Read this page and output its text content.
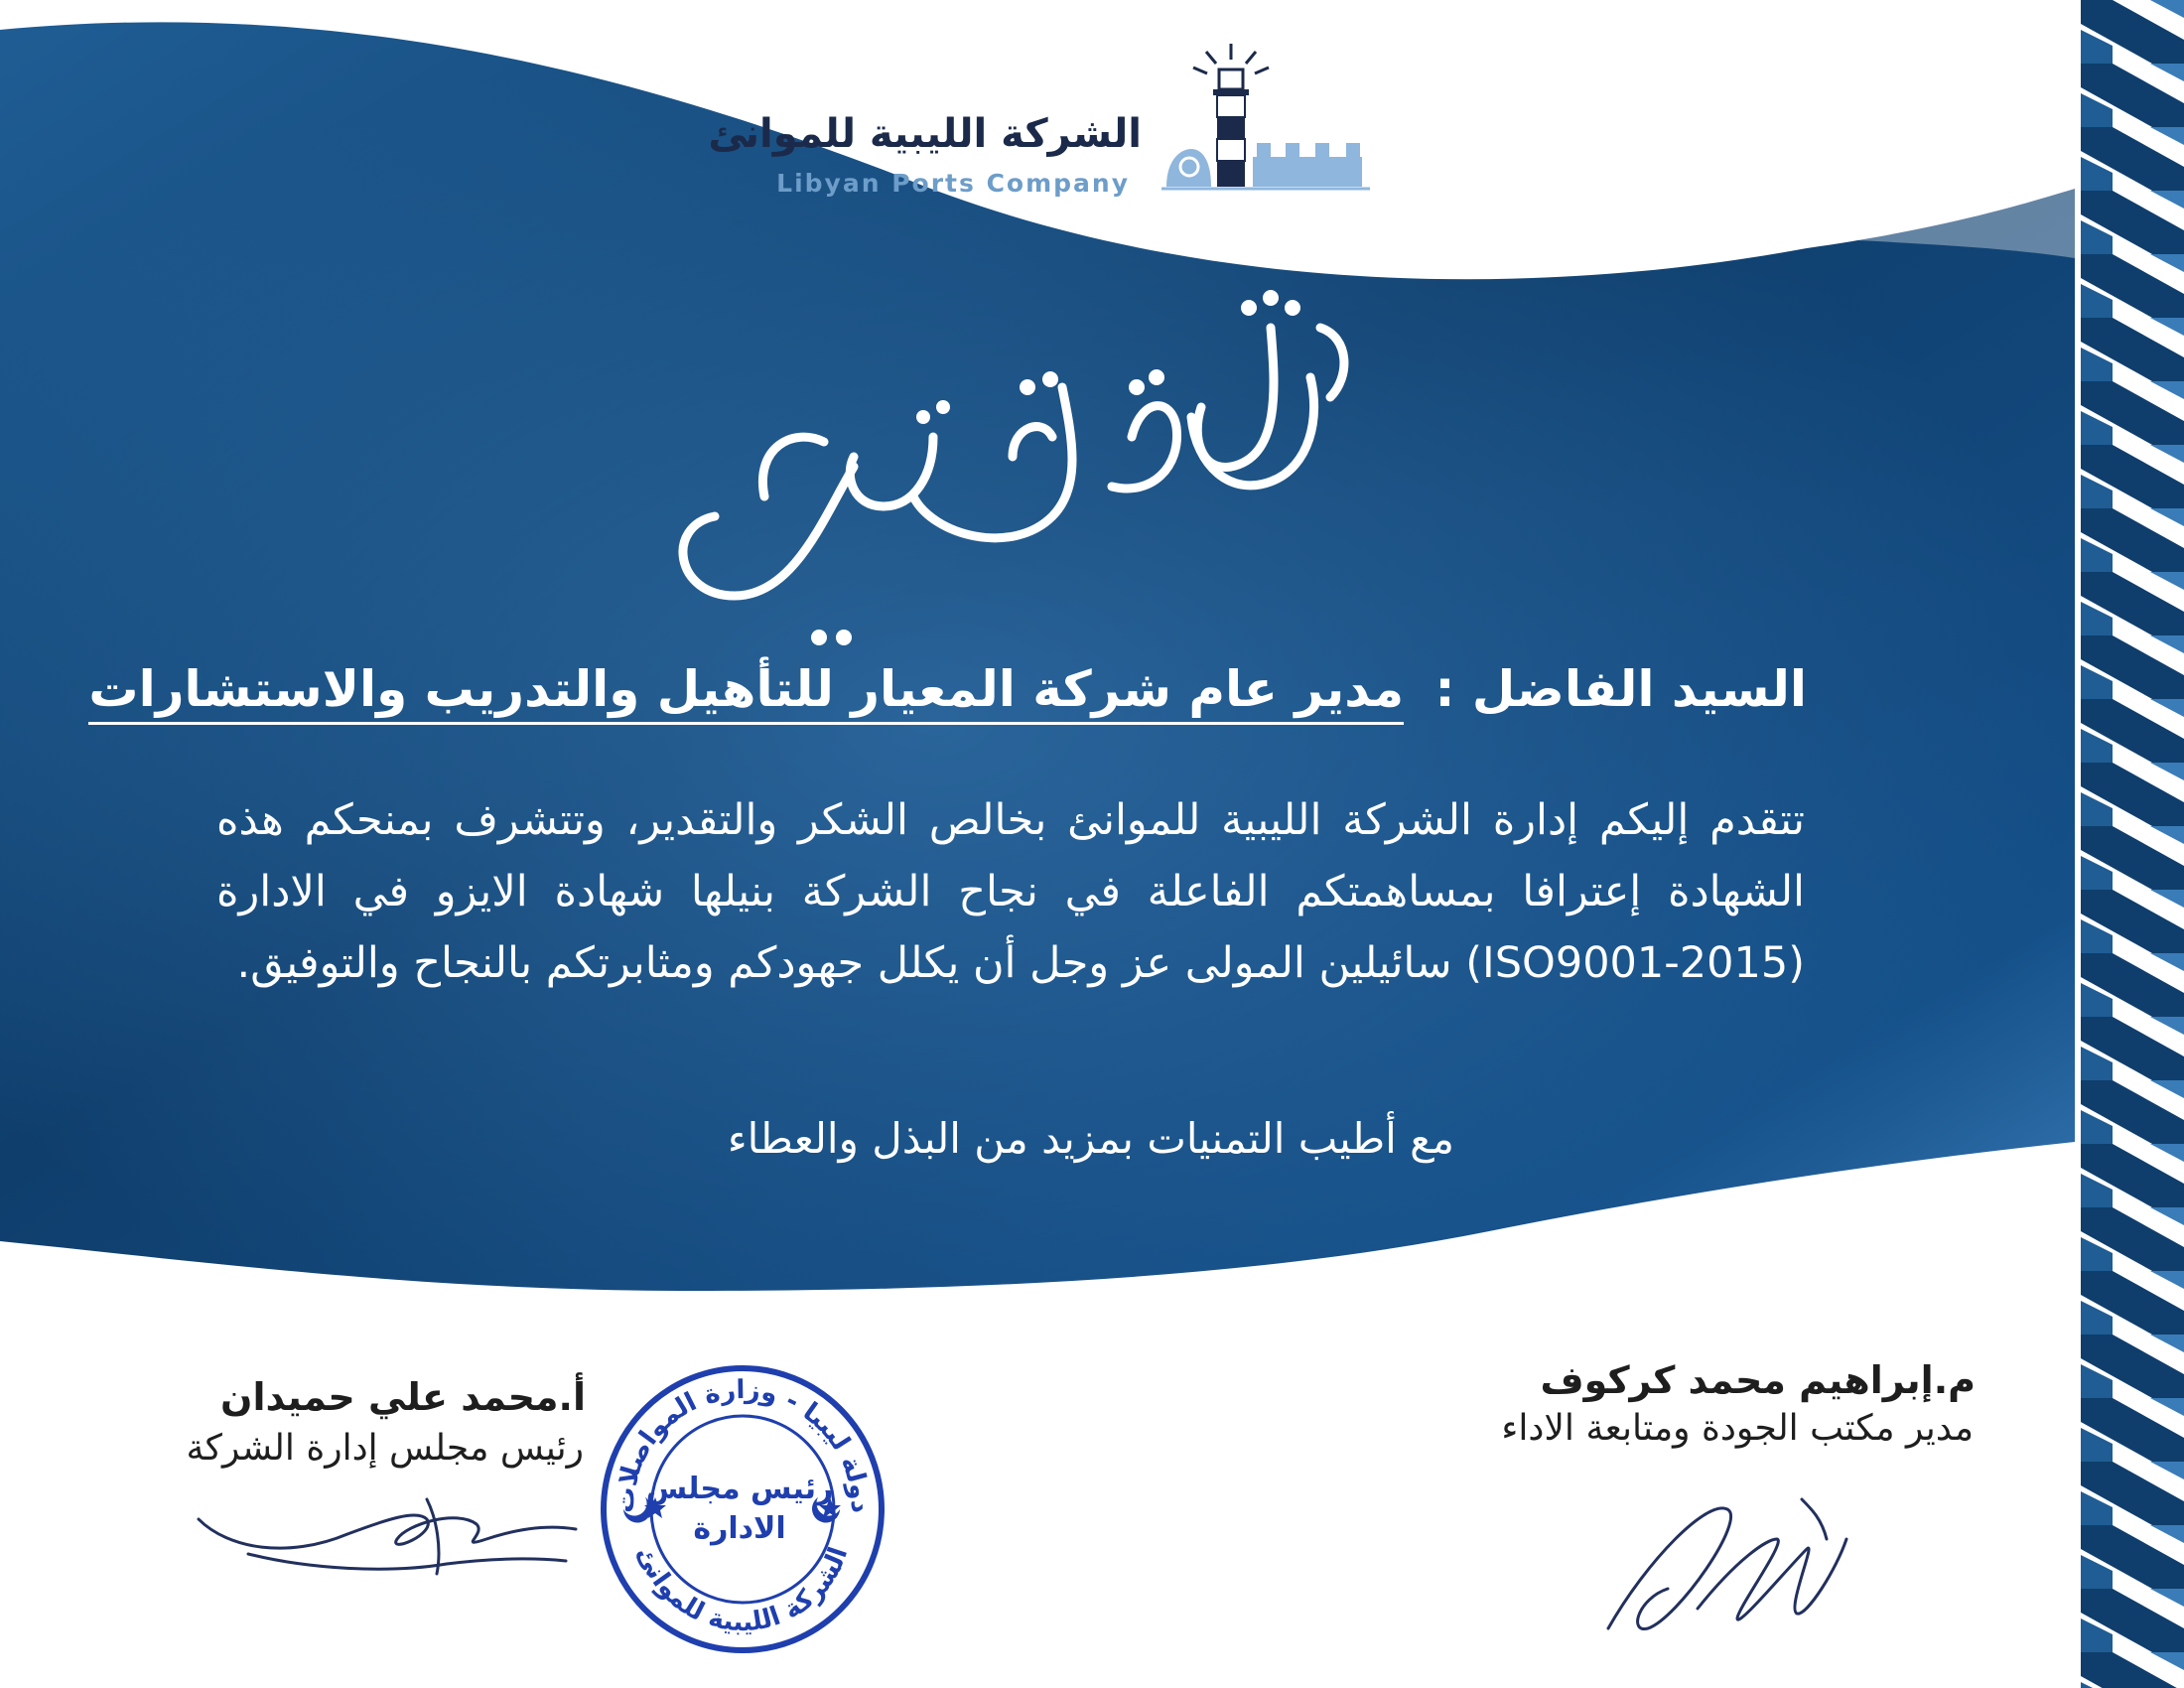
الشركة الليبية للموانئ
Libyan Ports Company
السيد الفاضل : مدير عام شركة المعيار للتأهيل والتدريب والاستشارات
تتقدم إليكم إدارة الشركة الليبية للموانئ بخالص الشكر والتقدير، وتتشرف بمنحكم هذه الشهادة إعترافا بمساهمتكم الفاعلة في نجاح الشركة بنيلها شهادة الايزو في الادارة (ISO9001-2015) سائيلين المولى عز وجل أن يكلل جهودكم ومثابرتكم بالنجاح والتوفيق.
مع أطيب التمنيات بمزيد من البذل والعطاء
م.إبراهيم محمد كركوف
مدير مكتب الجودة ومتابعة الاداء
أ.محمد علي حميدان
رئيس مجلس إدارة الشركة
دولة ليبيا - وزارة المواصلات
الشركة الليبية للموانئ
رئيس مجلس
الادارة
